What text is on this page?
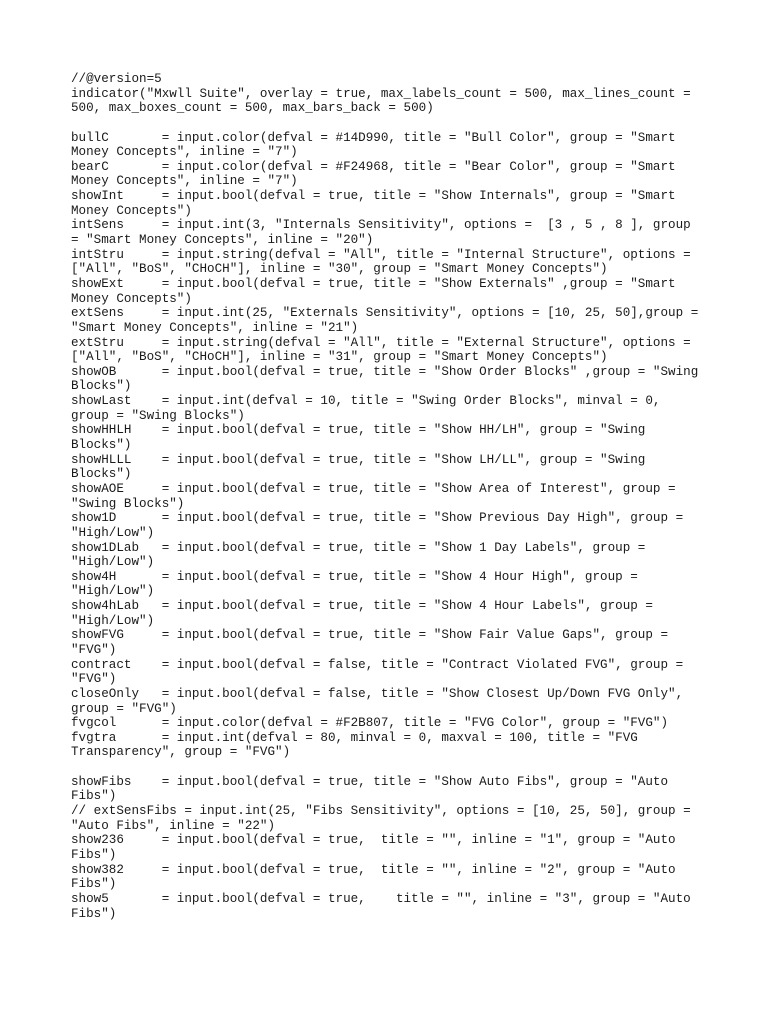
//@version=5
indicator("Mxwll Suite", overlay = true, max_labels_count = 500, max_lines_count =
500, max_boxes_count = 500, max_bars_back = 500)
bullC       = input.color(defval = #14D990, title = "Bull Color", group = "Smart
Money Concepts", inline = "7")
bearC       = input.color(defval = #F24968, title = "Bear Color", group = "Smart
Money Concepts", inline = "7")
showInt     = input.bool(defval = true, title = "Show Internals", group = "Smart
Money Concepts")
intSens     = input.int(3, "Internals Sensitivity", options =  [3 , 5 , 8 ], group
= "Smart Money Concepts", inline = "20")
intStru     = input.string(defval = "All", title = "Internal Structure", options =
["All", "BoS", "CHoCH"], inline = "30", group = "Smart Money Concepts")
showExt     = input.bool(defval = true, title = "Show Externals" ,group = "Smart
Money Concepts")
extSens     = input.int(25, "Externals Sensitivity", options = [10, 25, 50],group =
"Smart Money Concepts", inline = "21")
extStru     = input.string(defval = "All", title = "External Structure", options =
["All", "BoS", "CHoCH"], inline = "31", group = "Smart Money Concepts")
showOB      = input.bool(defval = true, title = "Show Order Blocks" ,group = "Swing
Blocks")
showLast    = input.int(defval = 10, title = "Swing Order Blocks", minval = 0,
group = "Swing Blocks")
showHHLH    = input.bool(defval = true, title = "Show HH/LH", group = "Swing
Blocks")
showHLLL    = input.bool(defval = true, title = "Show LH/LL", group = "Swing
Blocks")
showAOE     = input.bool(defval = true, title = "Show Area of Interest", group =
"Swing Blocks")
show1D      = input.bool(defval = true, title = "Show Previous Day High", group =
"High/Low")
show1DLab   = input.bool(defval = true, title = "Show 1 Day Labels", group =
"High/Low")
show4H      = input.bool(defval = true, title = "Show 4 Hour High", group =
"High/Low")
show4hLab   = input.bool(defval = true, title = "Show 4 Hour Labels", group =
"High/Low")
showFVG     = input.bool(defval = true, title = "Show Fair Value Gaps", group =
"FVG")
contract    = input.bool(defval = false, title = "Contract Violated FVG", group =
"FVG")
closeOnly   = input.bool(defval = false, title = "Show Closest Up/Down FVG Only",
group = "FVG")
fvgcol      = input.color(defval = #F2B807, title = "FVG Color", group = "FVG")
fvgtra      = input.int(defval = 80, minval = 0, maxval = 100, title = "FVG
Transparency", group = "FVG")
showFibs    = input.bool(defval = true, title = "Show Auto Fibs", group = "Auto
Fibs")
// extSensFibs = input.int(25, "Fibs Sensitivity", options = [10, 25, 50], group =
"Auto Fibs", inline = "22")
show236     = input.bool(defval = true,  title = "", inline = "1", group = "Auto
Fibs")
show382     = input.bool(defval = true,  title = "", inline = "2", group = "Auto
Fibs")
show5       = input.bool(defval = true,    title = "", inline = "3", group = "Auto
Fibs")
